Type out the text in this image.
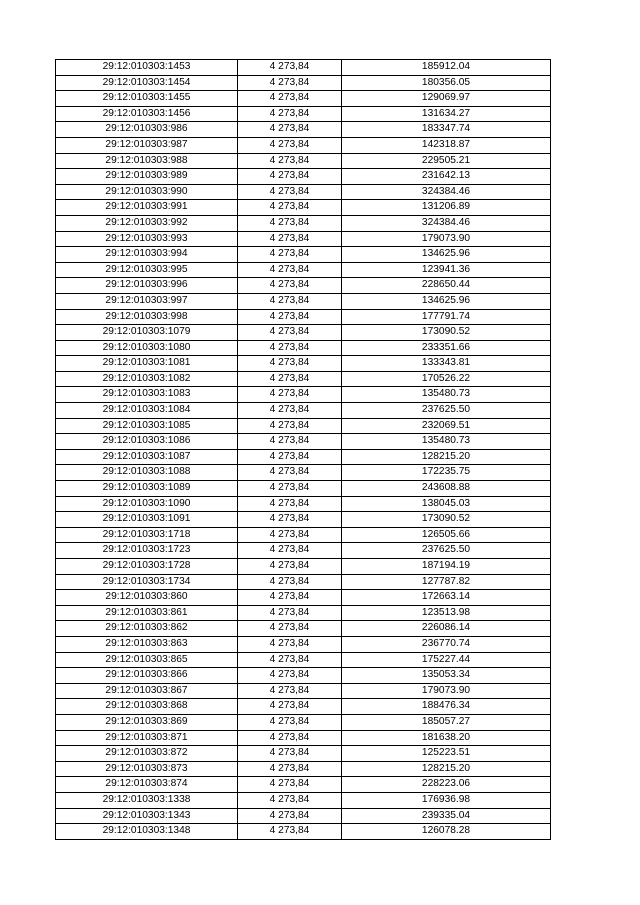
29:12:010303:1453	4 273,84	185912.04
29:12:010303:1454	4 273,84	180356.05
29:12:010303:1455	4 273,84	129069.97
29:12:010303:1456	4 273,84	131634.27
29:12:010303:986	4 273,84	183347.74
29:12:010303:987	4 273,84	142318.87
29:12:010303:988	4 273,84	229505.21
29:12:010303:989	4 273,84	231642.13
29:12:010303:990	4 273,84	324384.46
29:12:010303:991	4 273,84	131206.89
29:12:010303:992	4 273,84	324384.46
29:12:010303:993	4 273,84	179073.90
29:12:010303:994	4 273,84	134625.96
29:12:010303:995	4 273,84	123941.36
29:12:010303:996	4 273,84	228650.44
29:12:010303:997	4 273,84	134625.96
29:12:010303:998	4 273,84	177791.74
29:12:010303:1079	4 273,84	173090.52
29:12:010303:1080	4 273,84	233351.66
29:12:010303:1081	4 273,84	133343.81
29:12:010303:1082	4 273,84	170526.22
29:12:010303:1083	4 273,84	135480.73
29:12:010303:1084	4 273,84	237625.50
29:12:010303:1085	4 273,84	232069.51
29:12:010303:1086	4 273,84	135480.73
29:12:010303:1087	4 273,84	128215.20
29:12:010303:1088	4 273,84	172235.75
29:12:010303:1089	4 273,84	243608.88
29:12:010303:1090	4 273,84	138045.03
29:12:010303:1091	4 273,84	173090.52
29:12:010303:1718	4 273,84	126505.66
29:12:010303:1723	4 273,84	237625.50
29:12:010303:1728	4 273,84	187194.19
29:12:010303:1734	4 273,84	127787.82
29:12:010303:860	4 273,84	172663.14
29:12:010303:861	4 273,84	123513.98
29:12:010303:862	4 273,84	226086.14
29:12:010303:863	4 273,84	236770.74
29:12:010303:865	4 273,84	175227.44
29:12:010303:866	4 273,84	135053.34
29:12:010303:867	4 273,84	179073.90
29:12:010303:868	4 273,84	188476.34
29:12:010303:869	4 273,84	185057.27
29:12:010303:871	4 273,84	181638.20
29:12:010303:872	4 273,84	125223.51
29:12:010303:873	4 273,84	128215.20
29:12:010303:874	4 273,84	228223.06
29:12:010303:1338	4 273,84	176936.98
29:12:010303:1343	4 273,84	239335.04
29:12:010303:1348	4 273,84	126078.28
